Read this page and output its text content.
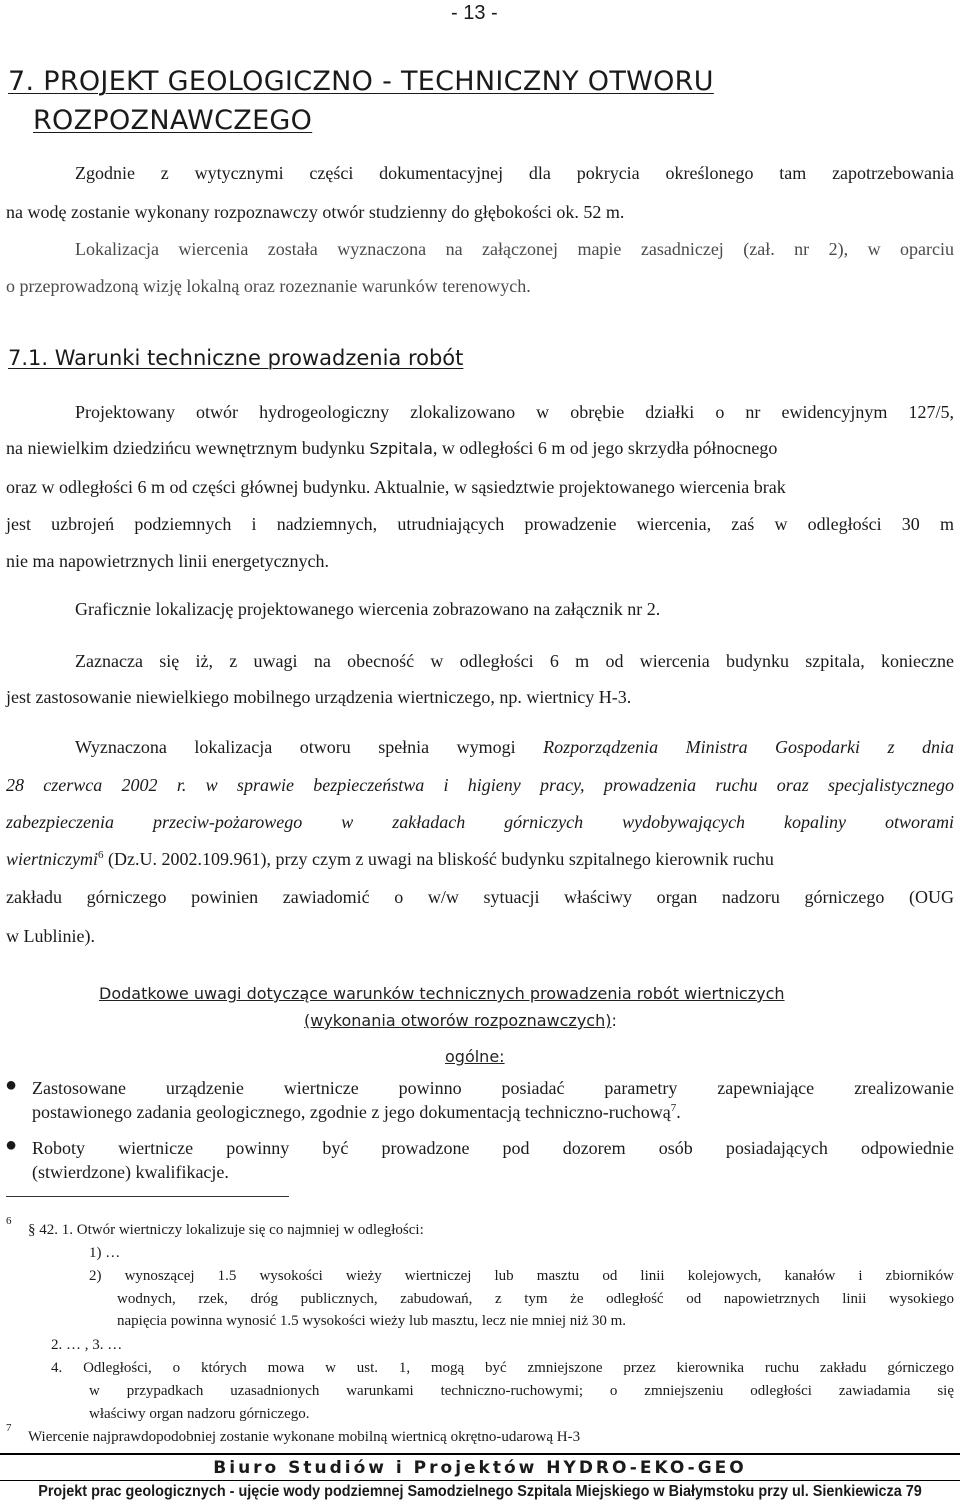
- 13 -
7. PROJEKT GEOLOGICZNO - TECHNICZNY OTWORU
ROZPOZNAWCZEGO
Zgodnie z wytycznymi części dokumentacyjnej dla pokrycia określonego tam zapotrzebowania
na wodę zostanie wykonany rozpoznawczy otwór studzienny do głębokości ok. 52 m.
Lokalizacja wiercenia została wyznaczona na załączonej mapie zasadniczej (zał. nr 2), w oparciu
o przeprowadzoną wizję lokalną oraz rozeznanie warunków terenowych.
7.1. Warunki techniczne prowadzenia robót
Projektowany otwór hydrogeologiczny zlokalizowano w obrębie działki o nr ewidencyjnym 127/5,
na niewielkim dziedzińcu wewnętrznym budynku Szpitala, w odległości 6 m od jego skrzydła północnego
oraz w odległości 6 m od części głównej budynku. Aktualnie, w sąsiedztwie projektowanego wiercenia brak
jest uzbrojeń podziemnych i nadziemnych, utrudniających prowadzenie wiercenia, zaś w odległości 30 m
nie ma napowietrznych linii energetycznych.
Graficznie lokalizację projektowanego wiercenia zobrazowano na załącznik nr 2.
Zaznacza się iż, z uwagi na obecność w odległości 6 m od wiercenia budynku szpitala, konieczne
jest zastosowanie niewielkiego mobilnego urządzenia wiertniczego, np. wiertnicy H-3.
Wyznaczona lokalizacja otworu spełnia wymogi Rozporządzenia Ministra Gospodarki z dnia
28 czerwca 2002 r. w sprawie bezpieczeństwa i higieny pracy, prowadzenia ruchu oraz specjalistycznego
zabezpieczenia przeciw-pożarowego w zakładach górniczych wydobywających kopaliny otworami
wiertniczymi$^6$ (Dz.U. 2002.109.961), przy czym z uwagi na bliskość budynku szpitalnego kierownik ruchu
zakładu górniczego powinien zawiadomić o w/w sytuacji właściwy organ nadzoru górniczego (OUG
w Lublinie).
Dodatkowe uwagi dotyczące warunków technicznych prowadzenia robót wiertniczych
(wykonania otworów rozpoznawczych):
ogólne:
● Zastosowane urządzenie wiertnicze powinno posiadać parametry zapewniające zrealizowanie
postawionego zadania geologicznego, zgodnie z jego dokumentacją techniczno-ruchową$^7$.
● Roboty wiertnicze powinny być prowadzone pod dozorem osób posiadających odpowiednie
(stwierdzone) kwalifikacje.
6
§ 42. 1. Otwór wiertniczy lokalizuje się co najmniej w odległości:
1) …
2) wynoszącej 1.5 wysokości wieży wiertniczej lub masztu od linii kolejowych, kanałów i zbiorników
wodnych, rzek, dróg publicznych, zabudowań, z tym że odległość od napowietrznych linii wysokiego
napięcia powinna wynosić 1.5 wysokości wieży lub masztu, lecz nie mniej niż 30 m.
2. … , 3. …
4. Odległości, o których mowa w ust. 1, mogą być zmniejszone przez kierownika ruchu zakładu górniczego
w przypadkach uzasadnionych warunkami techniczno-ruchowymi; o zmniejszeniu odległości zawiadamia się
właściwy organ nadzoru górniczego.
7
Wiercenie najprawdopodobniej zostanie wykonane mobilną wiertnicą okrętno-udarową H-3
Biuro Studiów i Projektów HYDRO-EKO-GEO
Projekt prac geologicznych - ujęcie wody podziemnej Samodzielnego Szpitala Miejskiego w Białymstoku przy ul. Sienkiewicza 79
